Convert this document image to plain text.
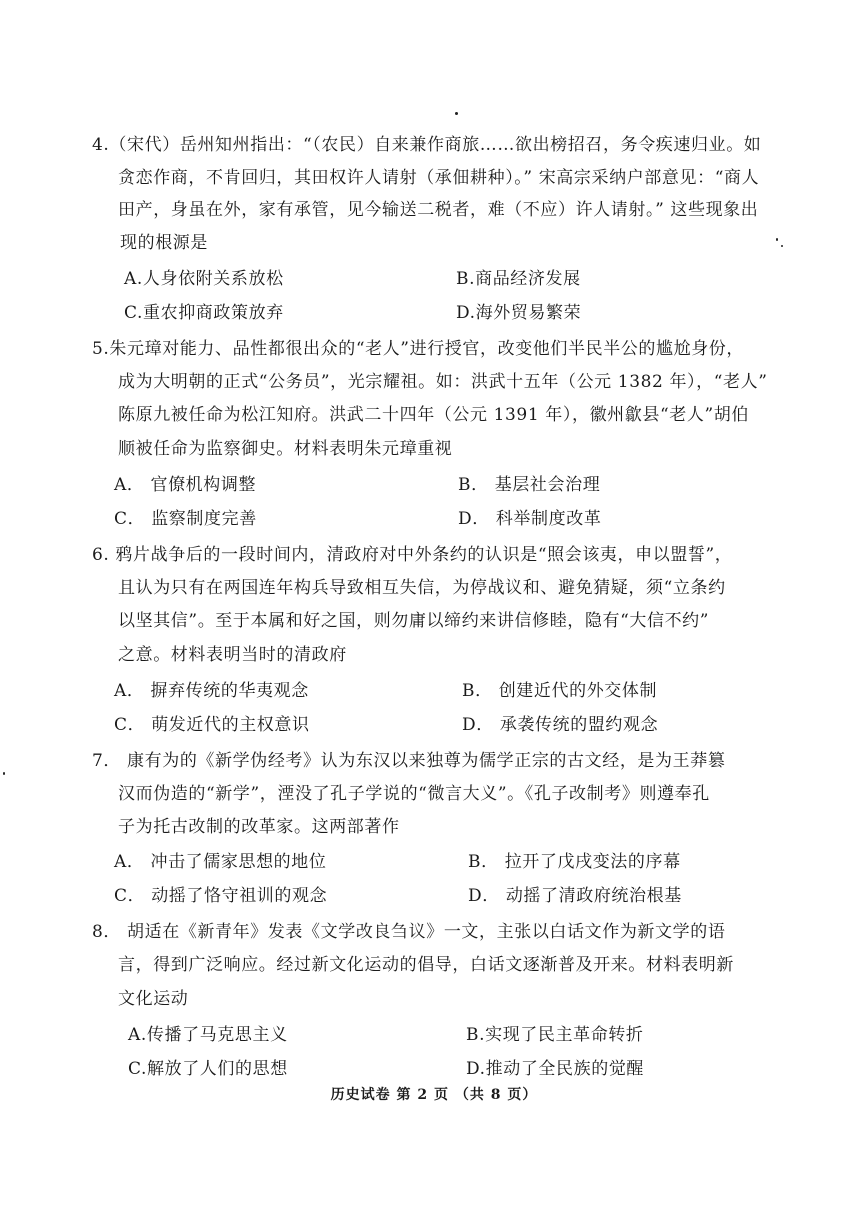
4.（宋代）岳州知州指出：“（农民）自来兼作商旅……欲出榜招召，务令疾速归业。如
贪恋作商，不肯回归，其田权许人请射（承佃耕种）。” 宋高宗采纳户部意见：“商人
田产，身虽在外，家有承管，见今输送二税者，难（不应）许人请射。” 这些现象出
现的根源是
A.人身依附关系放松	B.商品经济发展
C.重农抑商政策放弃	D.海外贸易繁荣
5.朱元璋对能力、品性都很出众的“老人”进行授官，改变他们半民半公的尴尬身份，
成为大明朝的正式“公务员”，光宗耀祖。如：洪武十五年（公元 1382 年），“老人”
陈原九被任命为松江知府。洪武二十四年（公元 1391 年），徽州歙县“老人”胡伯
顺被任命为监察御史。材料表明朱元璋重视
A． 官僚机构调整	B． 基层社会治理
C． 监察制度完善	D． 科举制度改革
6. 鸦片战争后的一段时间内，清政府对中外条约的认识是“照会该夷，申以盟誓”，
且认为只有在两国连年构兵导致相互失信，为停战议和、避免猜疑，须“立条约
以坚其信”。至于本属和好之国，则勿庸以缔约来讲信修睦，隐有“大信不约”
之意。材料表明当时的清政府
A． 摒弃传统的华夷观念	B． 创建近代的外交体制
C． 萌发近代的主权意识	D． 承袭传统的盟约观念
7． 康有为的《新学伪经考》认为东汉以来独尊为儒学正宗的古文经，是为王莽篡
汉而伪造的“新学”，湮没了孔子学说的“微言大义”。《孔子改制考》则遵奉孔
子为托古改制的改革家。这两部著作
A． 冲击了儒家思想的地位	B． 拉开了戊戌变法的序幕
C． 动摇了恪守祖训的观念	D． 动摇了清政府统治根基
8． 胡适在《新青年》发表《文学改良刍议》一文，主张以白话文作为新文学的语
言，得到广泛响应。经过新文化运动的倡导，白话文逐渐普及开来。材料表明新
文化运动
A.传播了马克思主义	B.实现了民主革命转折
C.解放了人们的思想	D.推动了全民族的觉醒
历史试卷 第 2 页 （共 8 页）
